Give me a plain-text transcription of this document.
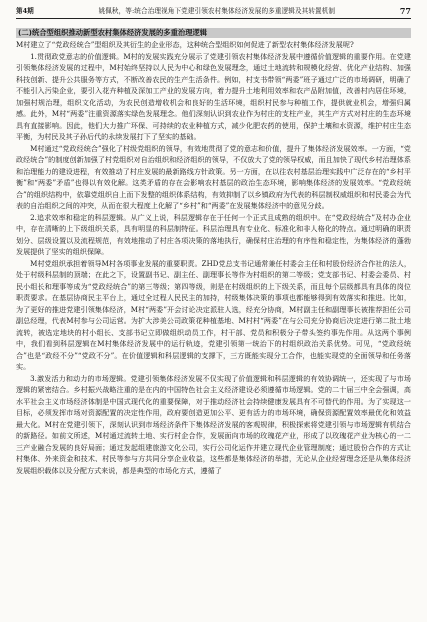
第4期	姚佩秋，等:统合治理视角下党建引领农村集体经济发展的多重逻辑及其转置机制	77
(二)统合型组织推动新型农村集体经济发展的多重治理逻辑

M村建立了“党政经统合”型组织及其衍生的企业形态，这种统合型组织如何促进了新型农村集体经济发展呢?

1.贯彻政党意志的价值逻辑。M村的发展实践充分展示了党建引领农村集体经济发展中遵循价值逻辑的重要作用。在党建引领集体经济发展的过程中，M村始终坚持以人民为中心和绿色发展理念，通过土地流转和规模化经营、优化产业结构、加强科技创新、提升公共服务等方式，不断改善农民的生产生活条件。例如，村支书带领“两委”班子通过广泛的市场调研，明确了不能引入污染企业，要引入花卉种植及深加工产业的发展方向，着力提升土地利用效率和农产品附加值，改善村内居住环境，加强村规治理，组织文化活动，为农民创造增收机会和良好的生活环境，组织村民参与种植工作，提供就业机会，增强归属感。此外，M村“两委”注重资源落实绿色发展理念。他们深刻认识到农业作为村庄的支柱产业，其生产方式对村庄的生态环境具有直接影响。因此，他们大力推广环保、可持续的农业种植方式，减少化肥农药的使用，保护土壤和水资源，维护村庄生态平衡，为村民及其子孙后代的永续发展打下了坚实的基础。

M村通过“党政经统合”强化了村级党组织的领导，有效地贯彻了党的意志和价值，提升了集体经济发展效率。一方面，“党政经统合”的制度创新加强了村党组织对自治组织和经济组织的领导，不仅放大了党的领导权威，而且加快了现代乡村治理体系和治理能力的建设进程，有效推动了村庄发展的最新路线方针政策。另一方面，在以往农村基层治理实践中广泛存在的“乡村平衡”和“两委”矛盾”也得以有效化解。这类矛盾的存在会影响农村基层的政治生态环境，影响集体经济的发展效率。“党政经统合”的组织结构中，依靠党组织自上而下发整的组织体系结构，有效抑制了以乡镇政府为代表的科层制权威组织和村民委会为代表的自治组织之间的冲突，从而在很大程度上化解了“乡村”和“两委”在发展集体经济中的意见分歧。

2.追求效率和稳定的科层逻辑。从广义上说，科层逻辑存在于任何一个正式且成熟的组织中。在“党政经统合”及村办企业中，存在清晰的上下级组织关系，具有明显的科层制特征。科层治理具有专业化、标准化和非人格化的特点。通过明确的职责划分、层级设置以及流程规范，有效地推动了村庄各项决策的落地执行，确保村庄治理的有序性和稳定性，为集体经济的蓬勃发展提供了坚实的组织保障。

M村党组织承担着领导M村各项事业发展的重要职责。ZHD党总支书记通常兼任村委会主任和村股份经济合作社的法人，处于村级科层制的顶端；在此之下，设置副书记、副主任、副理事长等作为村组织的第二等级；党支部书记、村委会委员、村民小组长和理事等成为“党政经统合”的第三等级；第四等级，则是在村级组织的上下级关系，而且每个层级都具有具体的岗位职责要求。在基层协商民主平台上，通过全过程人民民主的加持，村级集体决策的事项也都能够得到有效落实和推进。比如，为了更好的推进党建引领集体经济，M村“两委”开会讨论决定派驻人选，经充分协商，M村副主任和副理事长被推荐担任公司副总经理，代表M村参与公司运营。为扩大涉美公司政策花种植基地、M村村“两委”在与公司充分协商后决定进行第二批土地流转，被选定地块的村小组长、支部书记立即做组织动员工作，村干部、党员和积极分子带头签约事先作用。从这两个事例中，我们看到科层逻辑在M村集体经济发展中的运行轨迹，党建引领第一统治下的村组织政治关系优势。可见，“党政经统合”也是“政经不分”“党政不分”。在价值逻辑和科层逻辑的支撑下，三方既能实现分工合作，也能实现党的全面领导和任务落实。

3.激发活力和动力的市场逻辑。党建引领集体经济发展不仅实现了价值逻辑和科层逻辑的有效协调统一，还实现了与市场逻辑的紧密结合。乡村振兴战略注重的是在内的中国特色社会主义经济建设必须遵循市场逻辑。党的二十届三中全会强调，高水平社会主义市场经济体制是中国式现代化的重要保障，对于推动经济社会持续健康发展具有不可替代的作用。为了实现这一目标，必须发挥市场对资源配置的决定性作用，政府要创造更加公平、更有活力的市场环境，确保资源配置效率最优化和效益最大化。M村在党建引领下，深刻认识到市场经济条件下集体经济发展的客观规律，积极探索将党建引领与市场逻辑有机结合的新路径。如前文所述，M村通过流转土地、实行村企合作，发展面向市场的玫瑰花产业，形成了以玫瑰花产业为核心的一二三产业融合发展的良好局面；通过发起组建旅游文化公司，实行公司化运作并建立现代企业管理制度；通过股份合作的方式让村集体、外来资金和技术、村民等参与方共同分享企业收益，这些都是集体经济的举措，无论从企业经营理念还是从集体经济发展组织载体以及分配方式来说，都是典型的市场化方式，遵循了
